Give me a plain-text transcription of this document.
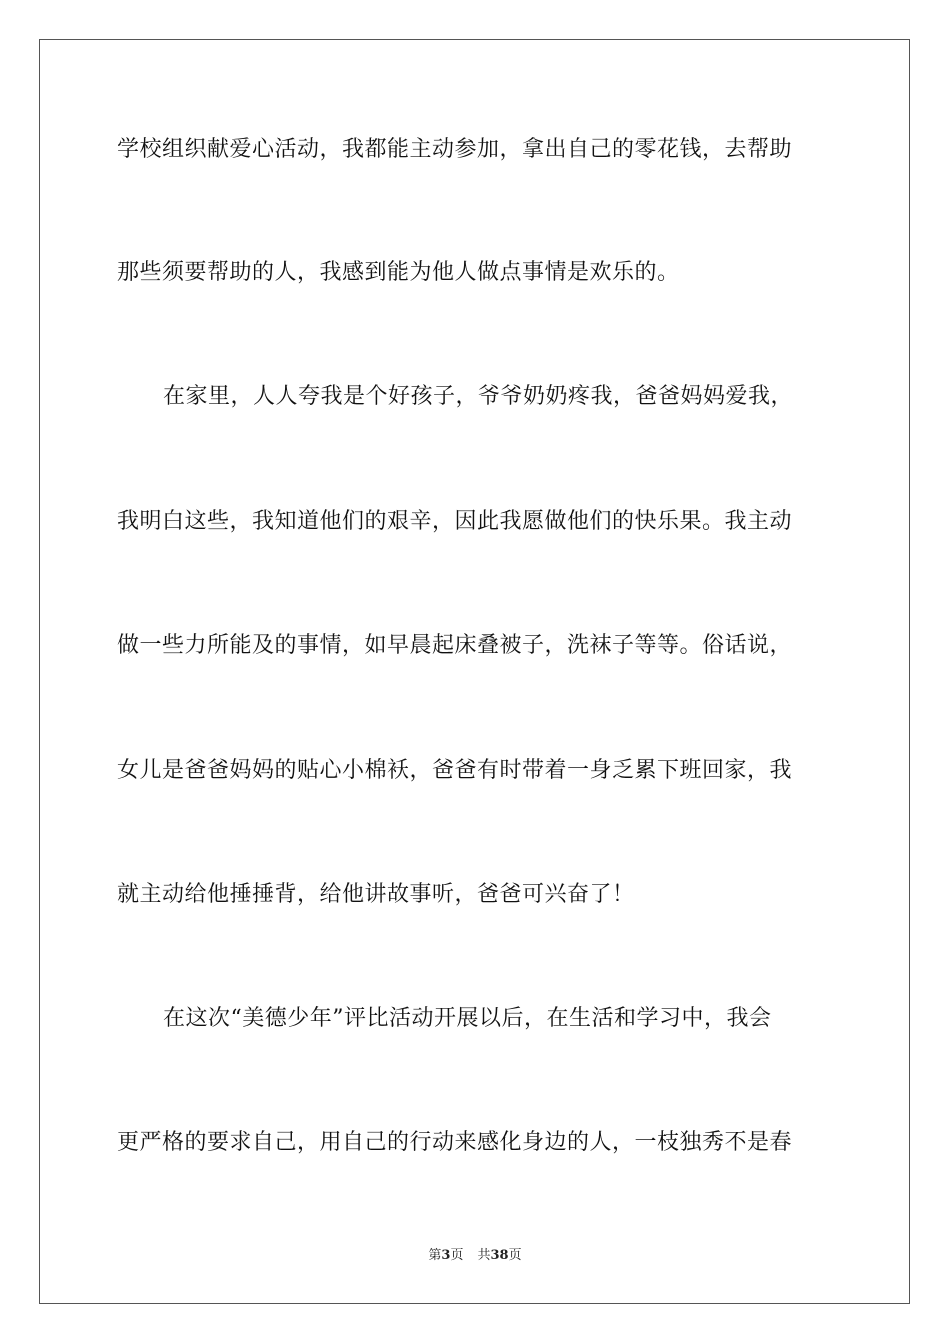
学校组织献爱心活动，我都能主动参加，拿出自己的零花钱，去帮助
那些须要帮助的人，我感到能为他人做点事情是欢乐的。
在家里，人人夸我是个好孩子，爷爷奶奶疼我，爸爸妈妈爱我，
我明白这些，我知道他们的艰辛，因此我愿做他们的快乐果。我主动
做一些力所能及的事情，如早晨起床叠被子，洗袜子等等。俗话说，
女儿是爸爸妈妈的贴心小棉袄，爸爸有时带着一身乏累下班回家，我
就主动给他捶捶背，给他讲故事听，爸爸可兴奋了！
在这次“美德少年”评比活动开展以后，在生活和学习中，我会
更严格的要求自己，用自己的行动来感化身边的人，一枝独秀不是春
第3页 共38页
